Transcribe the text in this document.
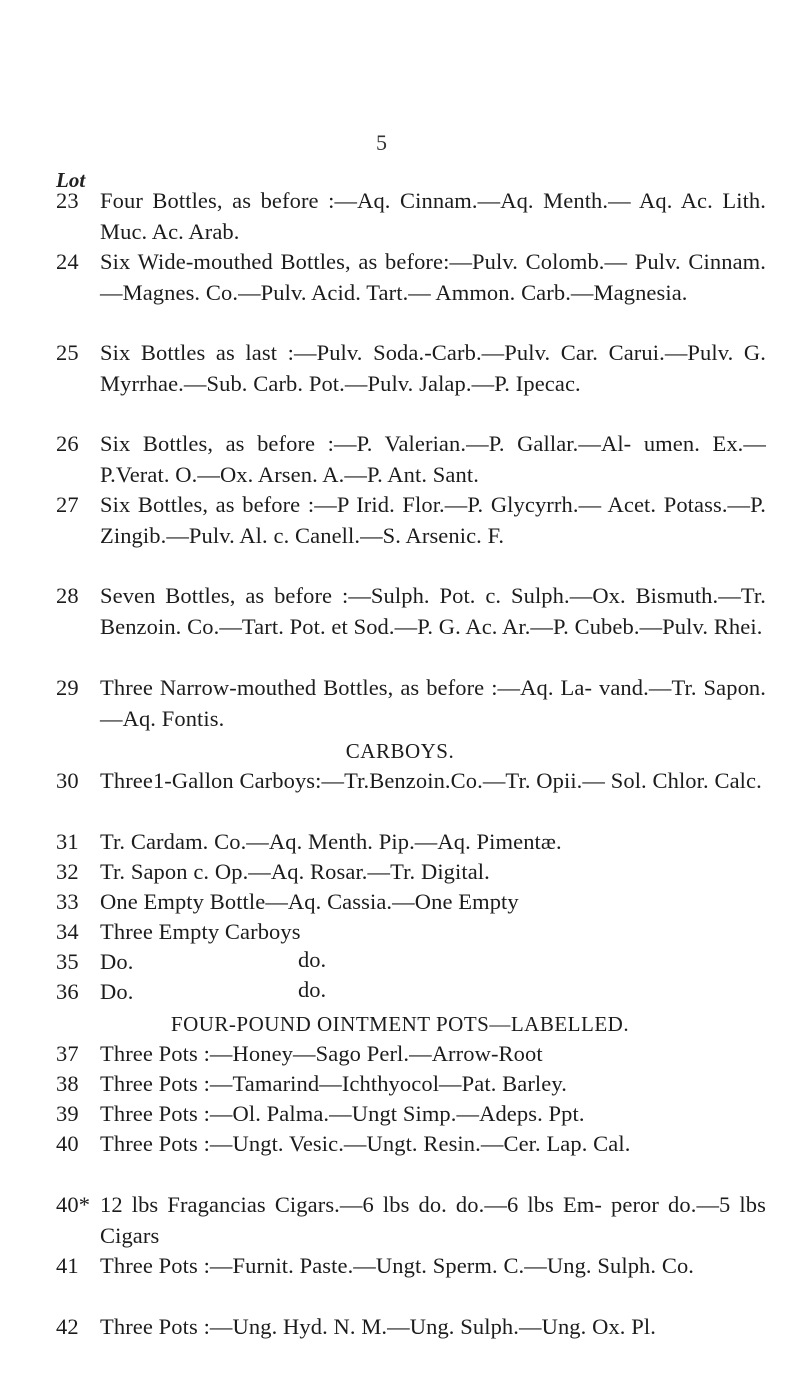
5
Lot
23 Four Bottles, as before :—Aq. Cinnam.—Aq. Menth.— Aq. Ac. Lith. Muc. Ac. Arab.
24 Six Wide-mouthed Bottles, as before:—Pulv. Colomb.— Pulv. Cinnam.—Magnes. Co.—Pulv. Acid. Tart.— Ammon. Carb.—Magnesia.
25 Six Bottles as last :—Pulv. Soda.-Carb.—Pulv. Car. Carui.—Pulv. G. Myrrhae.—Sub. Carb. Pot.—Pulv. Jalap.—P. Ipecac.
26 Six Bottles, as before :—P. Valerian.—P. Gallar.—Al- umen. Ex.—P.Verat. O.—Ox. Arsen. A.—P. Ant. Sant.
27 Six Bottles, as before :—P Irid. Flor.—P. Glycyrrh.— Acet. Potass.—P. Zingib.—Pulv. Al. c. Canell.—S. Arsenic. F.
28 Seven Bottles, as before :—Sulph. Pot. c. Sulph.—Ox. Bismuth.—Tr. Benzoin. Co.—Tart. Pot. et Sod.—P. G. Ac. Ar.—P. Cubeb.—Pulv. Rhei.
29 Three Narrow-mouthed Bottles, as before :—Aq. La- vand.—Tr. Sapon.—Aq. Fontis.
CARBOYS.
30 Three1-Gallon Carboys:—Tr.Benzoin.Co.—Tr. Opii.— Sol. Chlor. Calc.
31 Tr. Cardam. Co.—Aq. Menth. Pip.—Aq. Pimentæ.
32 Tr. Sapon c. Op.—Aq. Rosar.—Tr. Digital.
33 One Empty Bottle—Aq. Cassia.—One Empty
34 Three Empty Carboys
35 Do.	do.
36 Do.	do.
FOUR-POUND OINTMENT POTS—LABELLED.
37 Three Pots :—Honey—Sago Perl.—Arrow-Root
38 Three Pots :—Tamarind—Ichthyocol—Pat. Barley.
39 Three Pots :—Ol. Palma.—Ungt Simp.—Adeps. Ppt.
40 Three Pots :—Ungt. Vesic.—Ungt. Resin.—Cer. Lap. Cal.
40* 12 lbs Fragancias Cigars.—6 lbs do. do.—6 lbs Em- peror do.—5 lbs Cigars
41 Three Pots :—Furnit. Paste.—Ungt. Sperm. C.—Ung. Sulph. Co.
42 Three Pots :—Ung. Hyd. N. M.—Ung. Sulph.—Ung. Ox. Pl.
